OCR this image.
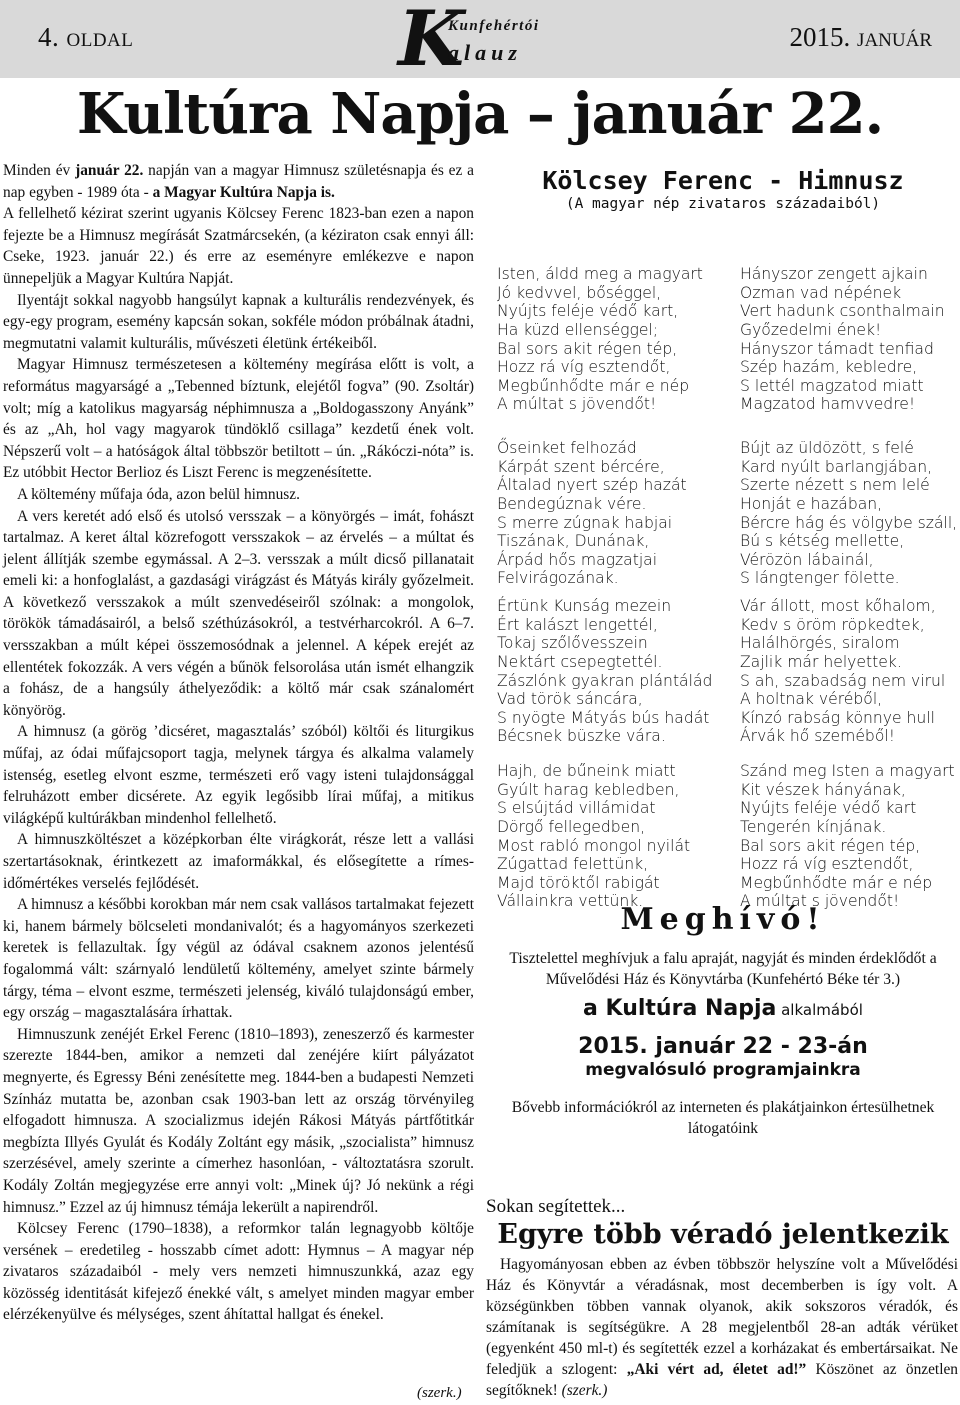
4. oldal	K
Kunfehértói
alauz
2015. január
Kultúra Napja – január 22.

Minden év január 22. napján van a magyar Himnusz születésnapja és ez a nap egyben - 1989 óta - a Magyar Kultúra Napja is.

A fellelhető kézirat szerint ugyanis Kölcsey Ferenc 1823-ban ezen a napon fejezte be a Himnusz megírását Szatmárcsekén, (a kézirаton csak ennyi áll: Cseke, 1923. január 22.) és erre az eseményre emlékezve e napon ünnepeljük a Magyar Kultúra Napját.

Ilyentájt sokkal nagyobb hangsúlyt kapnak a kulturális rendezvények, és egy-egy program, esemény kapcsán sokan, sokféle módon próbálnak átadni, megmutatni valamit kulturális, művészeti életünk értékeiből.

Magyar Himnusz természetesen a költemény megírása előtt is volt, a református magyarságé a „Tebenned bíztunk, elejétől fogva” (90. Zsoltár) volt; míg a katolikus magyarság néphimnusza a „Boldogasszony Anyánk” és az „Ah, hol vagy magyarok tündöklő csillaga” kezdetű ének volt. Népszerű volt – a hatóságok által többször betiltott – ún. „Rákóczi-nóta” is. Ez utóbbit Hector Berlioz és Liszt Ferenc is megzenésítette.

A költemény műfaja óda, azon belül himnusz.

A vers keretét adó első és utolsó versszak – a könyörgés – imát, fohászt tartalmaz. A keret által közrefogott versszakok – az érvelés – a múltat és jelent állítják szembe egymással. A 2–3. versszak a múlt dicső pillanatait emeli ki: a honfoglalást, a gazdasági virágzást és Mátyás király győzelmeit. A következő versszakok a múlt szenvedéseiről szólnak: a mongolok, törökök támadásairól, a belső széthúzásokról, a testvérharcokról. A 6–7. versszakban a múlt képei összemosódnak a jelennel. A képek erejét az ellentétek fokozzák. A vers végén a bűnök felsorolása után ismét elhangzik a fohász, de a hangsúly áthelyeződik: a költő már csak szánalomért könyörög.

A himnusz (a görög ’dicséret, magasztalás’ szóból) költői és liturgikus műfaj, az ódai műfajcsoport tagja, melynek tárgya és alkalma valamely istenség, esetleg elvont eszme, természeti erő vagy isteni tulajdonsággal felruházott ember dicsérete. Az egyik legősibb lírai műfaj, a mitikus világképű kultúrákban mindenhol fellelhető.

A himnuszköltészet a középkorban élte virágkorát, része lett a vallási szertartásoknak, érintkezett az imaformákkal, és elősegítette a rímes-időmértékes verselés fejlődését.

A himnusz a későbbi korokban már nem csak vallásos tartalmakat fejezett ki, hanem bármely bölcseleti mondanivalót; és a hagyományos szerkezeti keretek is fellazultak. Így végül az ódával csaknem azonos jelentésű fogalommá vált: szárnyaló lendületű költemény, amelyet szinte bármely tárgy, téma – elvont eszme, természeti jelenség, kiváló tulajdonságú ember, egy ország – magasztalására írhattak.

Himnuszunk zenéjét Erkel Ferenc (1810–1893), zeneszerző és karmester szerezte 1844-ben, amikor a nemzeti dal zenéjére kiírt pályázatot megnyerte, és Egressy Béni zenésítette meg. 1844-ben a budapesti Nemzeti Színház mutatta be, azonban csak 1903-ban lett az ország törvényileg elfogadott himnusza. A szocializmus idején Rákosi Mátyás pártfőtitkár megbízta Illyés Gyulát és Kodály Zoltánt egy másik, „szocialista” himnusz szerzésével, amely szerinte a címerhez hasonlóan, - változtatásra szorult. Kodály Zoltán megjegyzése erre annyi volt: „Minek új? Jó nekünk a régi himnusz.” Ezzel az új himnusz témája lekerült a napirendről.

Kölcsey Ferenc (1790–1838), a reformkor talán legnagyobb költője versének – eredetileg - hosszabb címet adott: Hymnus – A magyar nép zivataros századaiból - mely vers nemzeti himnuszunkká, azaz egy közösség identitását kifejező énekké vált, s amelyet minden magyar ember elérzékenyülve és mélységes, szent áhítattal hallgat és énekel.

(szerk.)
Kölcsey Ferenc - Himnusz
(A magyar nép zivataros századaiból)

Isten, áldd meg a magyart
Jó kedvvel, bőséggel,
Nyújts feléje védő kart,
Ha küzd ellenséggel;
Bal sors akit régen tép,
Hozz rá víg esztendőt,
Megbűnhődte már e nép
A múltat s jövendőt!

Őseinket felhozád
Kárpát szent bércére,
Általad nyert szép hazát
Bendegúznak vére.
S merre zúgnak habjai
Tiszának, Dunának,
Árpád hős magzatjai
Felvirágozának.

Értünk Kunság mezein
Ért kalászt lengettél,
Tokaj szőlővesszein
Nektárt csepegtettél.
Zászlónk gyakran plántálád
Vad török sáncára,
S nyögte Mátyás bús hadát
Bécsnek büszke vára.

Hajh, de bűneink miatt
Gyúlt harag kebledben,
S elsújtád villámidat
Dörgő fellegedben,
Most rabló mongol nyilát
Zúgattad felettünk,
Majd töröktől rabigát
Vállainkra vettünk.

Hányszor zengett ajkain
Ozman vad népének
Vert hadunk csonthalmain
Győzedelmi ének!
Hányszor támadt tenfiad
Szép hazám, kebledre,
S lettél magzatod miatt
Magzatod hamvvedre!

Bújt az üldözött, s felé
Kard nyúlt barlangjában,
Szerte nézett s nem lelé
Honját e hazában,
Bércre hág és völgybe száll,
Bú s kétség mellette,
Vérözön lábainál,
S lángtenger fölette.

Vár állott, most kőhalom,
Kedv s öröm röpkedtek,
Halálhörgés, siralom
Zajlik már helyettek.
S ah, szabadság nem virul
A holtnak véréből,
Kínzó rabság könnye hull
Árvák hő szeméből!

Szánd meg Isten a magyart
Kit vészek hányának,
Nyújts feléje védő kart
Tengerén kínjának.
Bal sors akit régen tép,
Hozz rá víg esztendőt,
Megbűnhődte már e nép
A múltat s jövendőt!

Meghívó!
Tisztelettel meghívjuk a falu apraját, nagyját és minden érdeklődőt a Művelődési Ház és Könyvtárba (Kunfehértó Béke tér 3.)
a Kultúra Napja alkalmából
2015. január 22 - 23-án
megvalósuló programjainkra
Bővebb információkról az interneten és plakátjainkon értesülhetnek látogatóink
Sokan segítettek...
Egyre több véradó jelentkezik

Hagyományosan ebben az évben többször helyszíne volt a Művelődési Ház és Könyvtár a véradásnak, most decemberben is így volt. A községünkben többen vannak olyanok, akik sokszoros véradók, és számítanak is segítségükre. A 28 megjelentből 28-an adták vérüket (egyenként 450 ml-t) és segítették ezzel a korházakat és embertársaikat. Ne feledjük a szlogent: „Aki vért ad, életet ad!” Köszönet az önzetlen segítőknek! (szerk.)
